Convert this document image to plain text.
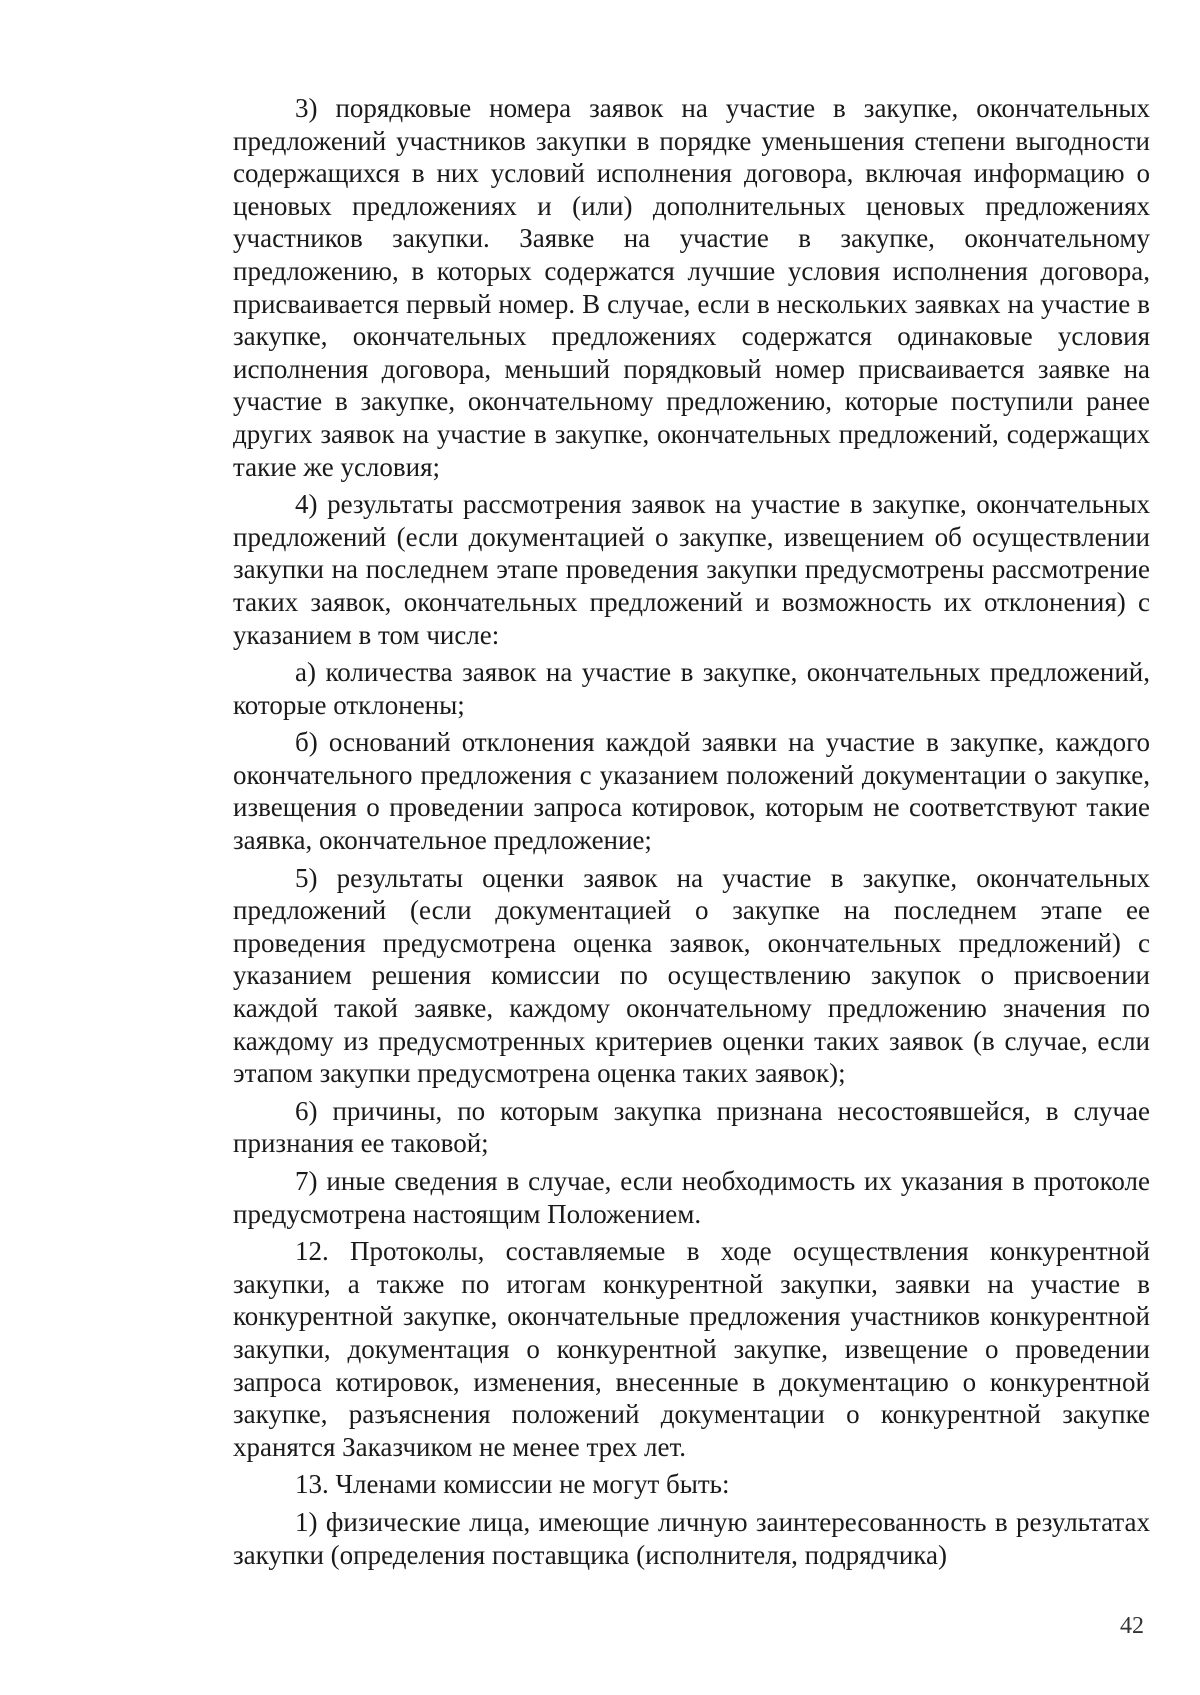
3) порядковые номера заявок на участие в закупке, окончательных предложений участников закупки в порядке уменьшения степени выгодности содержащихся в них условий исполнения договора, включая информацию о ценовых предложениях и (или) дополнительных ценовых предложениях участников закупки. Заявке на участие в закупке, окончательному предложению, в которых содержатся лучшие условия исполнения договора, присваивается первый номер. В случае, если в нескольких заявках на участие в закупке, окончательных предложениях содержатся одинаковые условия исполнения договора, меньший порядковый номер присваивается заявке на участие в закупке, окончательному предложению, которые поступили ранее других заявок на участие в закупке, окончательных предложений, содержащих такие же условия;

4) результаты рассмотрения заявок на участие в закупке, окончательных предложений (если документацией о закупке, извещением об осуществлении закупки на последнем этапе проведения закупки предусмотрены рассмотрение таких заявок, окончательных предложений и возможность их отклонения) с указанием в том числе:

а) количества заявок на участие в закупке, окончательных предложений, которые отклонены;

б) оснований отклонения каждой заявки на участие в закупке, каждого окончательного предложения с указанием положений документации о закупке, извещения о проведении запроса котировок, которым не соответствуют такие заявка, окончательное предложение;

5) результаты оценки заявок на участие в закупке, окончательных предложений (если документацией о закупке на последнем этапе ее проведения предусмотрена оценка заявок, окончательных предложений) с указанием решения комиссии по осуществлению закупок о присвоении каждой такой заявке, каждому окончательному предложению значения по каждому из предусмотренных критериев оценки таких заявок (в случае, если этапом закупки предусмотрена оценка таких заявок);

6) причины, по которым закупка признана несостоявшейся, в случае признания ее таковой;

7) иные сведения в случае, если необходимость их указания в протоколе предусмотрена настоящим Положением.

12. Протоколы, составляемые в ходе осуществления конкурентной закупки, а также по итогам конкурентной закупки, заявки на участие в конкурентной закупке, окончательные предложения участников конкурентной закупки, документация о конкурентной закупке, извещение о проведении запроса котировок, изменения, внесенные в документацию о конкурентной закупке, разъяснения положений документации о конкурентной закупке хранятся Заказчиком не менее трех лет.

13. Членами комиссии не могут быть:

1) физические лица, имеющие личную заинтересованность в результатах закупки (определения поставщика (исполнителя, подрядчика)

42
